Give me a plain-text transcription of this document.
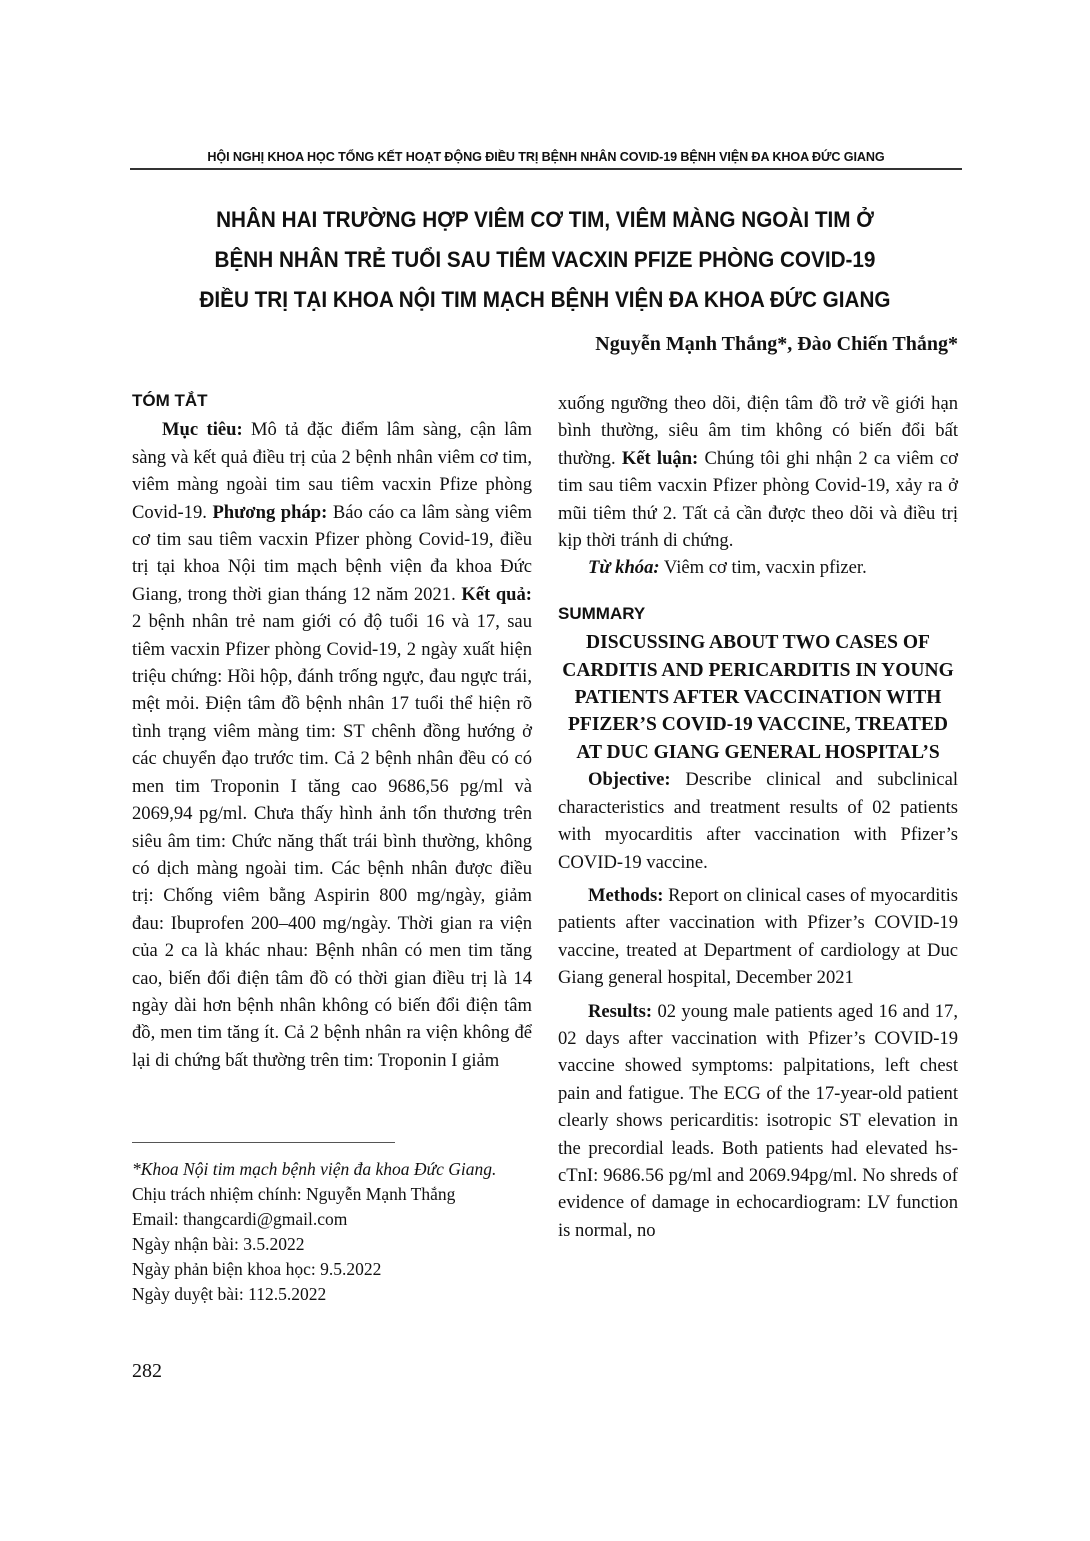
HỘI NGHỊ KHOA HỌC TỔNG KẾT HOẠT ĐỘNG ĐIỀU TRỊ BỆNH NHÂN COVID-19 BỆNH VIỆN ĐA KHOA ĐỨC GIANG
NHÂN HAI TRƯỜNG HỢP VIÊM CƠ TIM, VIÊM MÀNG NGOÀI TIM Ở
BỆNH NHÂN TRẺ TUỔI SAU TIÊM VACXIN PFIZE PHÒNG COVID-19
ĐIỀU TRỊ TẠI KHOA NỘI TIM MẠCH BỆNH VIỆN ĐA KHOA ĐỨC GIANG
Nguyễn Mạnh Thắng*, Đào Chiến Thắng*
TÓM TẮT

Mục tiêu: Mô tả đặc điểm lâm sàng, cận lâm sàng và kết quả điều trị của 2 bệnh nhân viêm cơ tim, viêm màng ngoài tim sau tiêm vacxin Pfize phòng Covid-19. Phương pháp: Báo cáo ca lâm sàng viêm cơ tim sau tiêm vacxin Pfizer phòng Covid-19, điều trị tại khoa Nội tim mạch bệnh viện đa khoa Đức Giang, trong thời gian tháng 12 năm 2021. Kết quả: 2 bệnh nhân trẻ nam giới có độ tuổi 16 và 17, sau tiêm vacxin Pfizer phòng Covid-19, 2 ngày xuất hiện triệu chứng: Hồi hộp, đánh trống ngực, đau ngực trái, mệt mỏi. Điện tâm đồ bệnh nhân 17 tuổi thể hiện rõ tình trạng viêm màng tim: ST chênh đồng hướng ở các chuyển đạo trước tim. Cả 2 bệnh nhân đều có có men tim Troponin I tăng cao 9686,56 pg/ml và 2069,94 pg/ml. Chưa thấy hình ảnh tổn thương trên siêu âm tim: Chức năng thất trái bình thường, không có dịch màng ngoài tim. Các bệnh nhân được điều trị: Chống viêm bằng Aspirin 800 mg/ngày, giảm đau: Ibuprofen 200–400 mg/ngày. Thời gian ra viện của 2 ca là khác nhau: Bệnh nhân có men tim tăng cao, biến đổi điện tâm đồ có thời gian điều trị là 14 ngày dài hơn bệnh nhân không có biến đổi điện tâm đồ, men tim tăng ít. Cả 2 bệnh nhân ra viện không để lại di chứng bất thường trên tim: Troponin I giảm

*Khoa Nội tim mạch bệnh viện đa khoa Đức Giang.
Chịu trách nhiệm chính: Nguyễn Mạnh Thắng
Email: thangcardi@gmail.com
Ngày nhận bài: 3.5.2022
Ngày phản biện khoa học: 9.5.2022
Ngày duyệt bài: 112.5.2022

xuống ngưỡng theo dõi, điện tâm đồ trở về giới hạn bình thường, siêu âm tim không có biến đổi bất thường. Kết luận: Chúng tôi ghi nhận 2 ca viêm cơ tim sau tiêm vacxin Pfizer phòng Covid-19, xảy ra ở mũi tiêm thứ 2. Tất cả cần được theo dõi và điều trị kịp thời tránh di chứng.

Từ khóa: Viêm cơ tim, vacxin pfizer.

SUMMARY

DISCUSSING ABOUT TWO CASES OF CARDITIS AND PERICARDITIS IN YOUNG PATIENTS AFTER VACCINATION WITH PFIZER’S COVID-19 VACCINE, TREATED AT DUC GIANG GENERAL HOSPITAL’S

Objective: Describe clinical and subclinical characteristics and treatment results of 02 patients with myocarditis after vaccination with Pfizer’s COVID-19 vaccine.

Methods: Report on clinical cases of myocarditis patients after vaccination with Pfizer’s COVID-19 vaccine, treated at Department of cardiology at Duc Giang general hospital, December 2021

Results: 02 young male patients aged 16 and 17, 02 days after vaccination with Pfizer’s COVID-19 vaccine showed symptoms: palpitations, left chest pain and fatigue. The ECG of the 17-year-old patient clearly shows pericarditis: isotropic ST elevation in the precordial leads. Both patients had elevated hs-cTnI: 9686.56 pg/ml and 2069.94pg/ml. No shreds of evidence of damage in echocardiogram: LV function is normal, no

282
